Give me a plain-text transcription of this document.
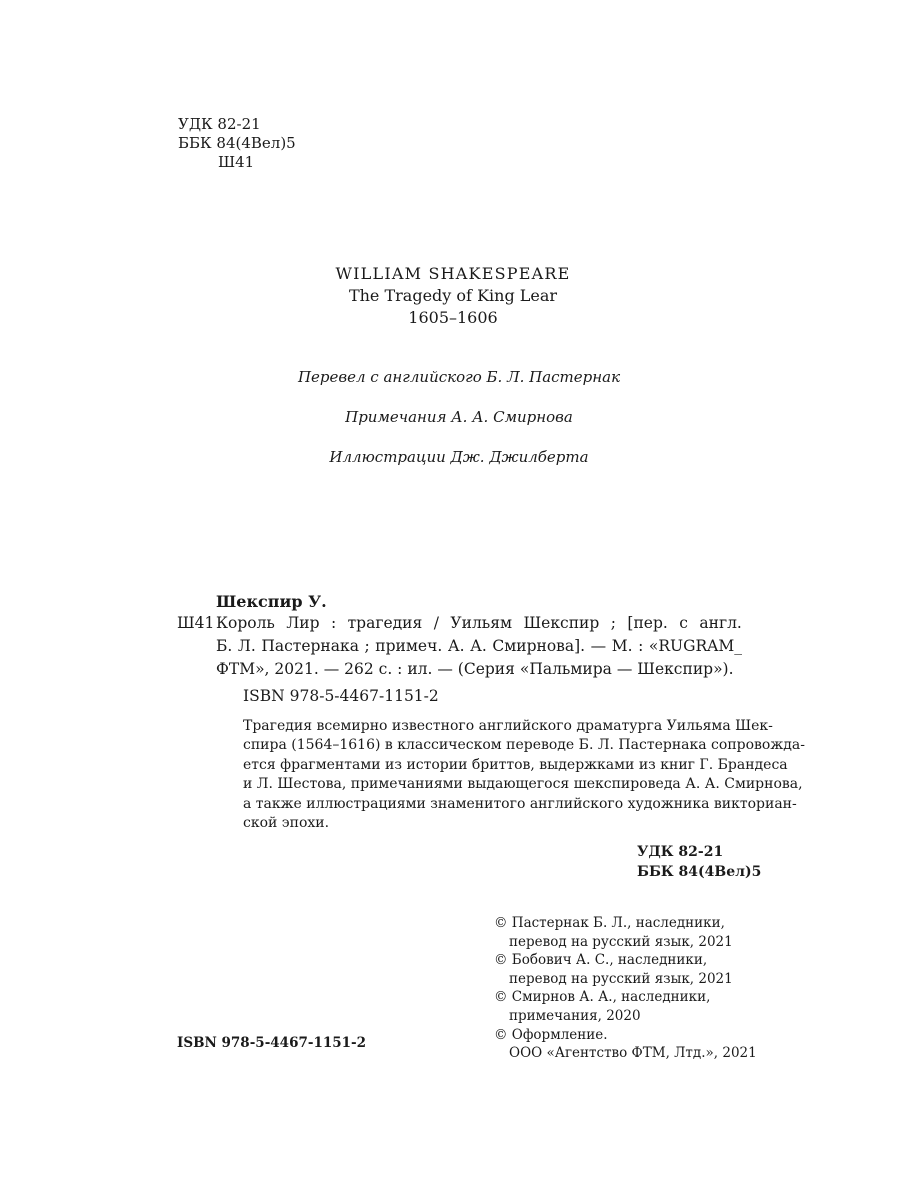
УДК 82-21
ББК 84(4Вел)5
Ш41
WILLIAM SHAKESPEARE
The Tragedy of King Lear
1605–1606
Перевел с английского Б. Л. Пастернак
Примечания А. А. Смирнова
Иллюстрации Дж. Джилберта
Шекспир У.
Ш41 Король Лир : трагедия / Уильям Шекспир ; [пер. с англ.
Б. Л. Пастернака ; примеч. А. А. Смирнова]. — М. : «RUGRAM_
ФТМ», 2021. — 262 с. : ил. — (Серия «Пальмира — Шекспир»).
ISBN 978-5-4467-1151-2
Трагедия всемирно известного английского драматурга Уильяма Шек-
спира (1564–1616) в классическом переводе Б. Л. Пастернака сопровожда-
ется фрагментами из истории бриттов, выдержками из книг Г. Брандеса
и Л. Шестова, примечаниями выдающегося шекспироведа А. А. Смирнова,
а также иллюстрациями знаменитого английского художника викториан-
ской эпохи.
УДК 82-21
ББК 84(4Вел)5
© Пастернак Б. Л., наследники,
перевод на русский язык, 2021
© Бобович А. С., наследники,
перевод на русский язык, 2021
© Смирнов А. А., наследники,
примечания, 2020
© Оформление.
ООО «Агентство ФТМ, Лтд.», 2021
ISBN 978-5-4467-1151-2
